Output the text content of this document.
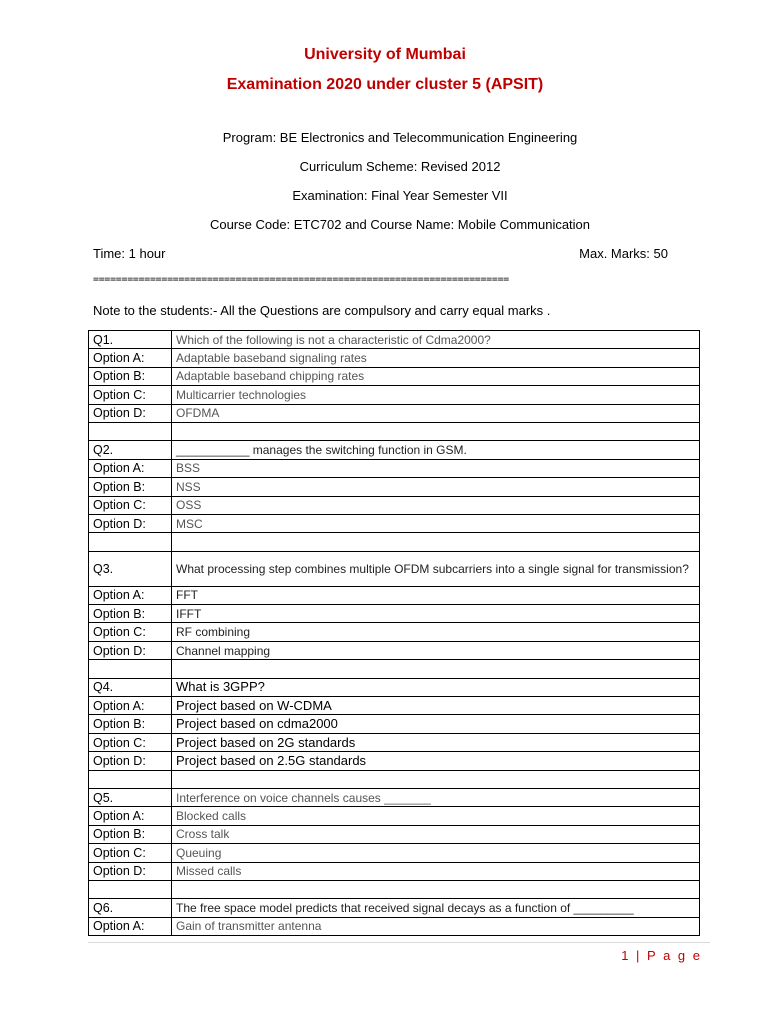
University of Mumbai
Examination 2020 under cluster 5 (APSIT)
Program: BE Electronics and Telecommunication Engineering
Curriculum Scheme: Revised 2012
Examination: Final Year Semester VII
Course Code: ETC702 and Course Name: Mobile Communication
Time: 1 hour	Max. Marks: 50
=========================================================================
Note to the students:- All the Questions are compulsory and carry equal marks .
Q1.	Which of the following is not a characteristic of Cdma2000?
Option A:	Adaptable baseband signaling rates
Option B:	Adaptable baseband chipping rates
Option C:	Multicarrier technologies
Option D:	OFDMA

Q2.	___________ manages the switching function in GSM.
Option A:	BSS
Option B:	NSS
Option C:	OSS
Option D:	MSC

Q3.	What processing step combines multiple OFDM subcarriers into a single signal for transmission?
Option A:	FFT
Option B:	IFFT
Option C:	RF combining
Option D:	Channel mapping

Q4.	What is 3GPP?
Option A:	Project based on W-CDMA
Option B:	Project based on cdma2000
Option C:	Project based on 2G standards
Option D:	Project based on 2.5G standards

Q5.	Interference on voice channels causes _______
Option A:	Blocked calls
Option B:	Cross talk
Option C:	Queuing
Option D:	Missed calls

Q6.	The free space model predicts that received signal decays as a function of _________
Option A:	Gain of transmitter antenna
1 | P a g e
